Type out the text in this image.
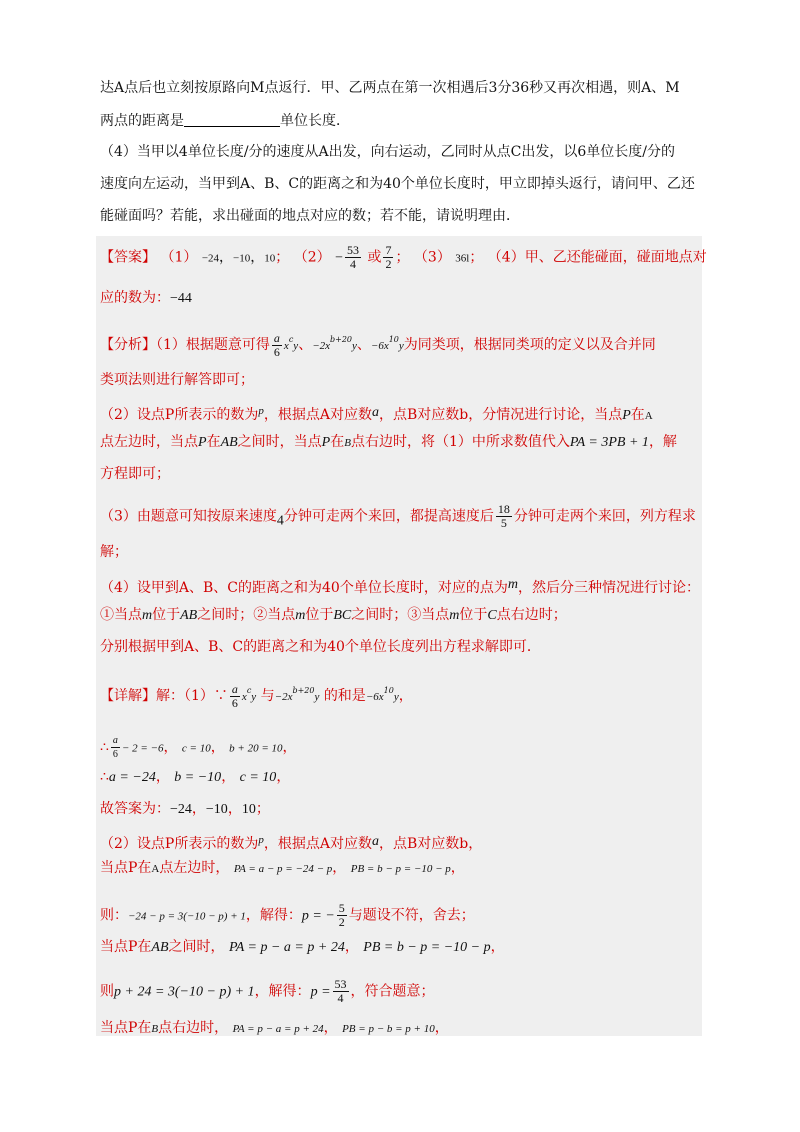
达A点后也立刻按原路向M点返行．甲、乙两点在第一次相遇后3分36秒又再次相遇，则A、M
两点的距离是	单位长度．
（4）当甲以4单位长度/分的速度从A出发，向右运动，乙同时从点C出发，以6单位长度/分的
速度向左运动，当甲到A、B、C的距离之和为40个单位长度时，甲立即掉头返行，请问甲、乙还
能碰面吗？若能，求出碰面的地点对应的数；若不能，请说明理由．
【答案】 （1） −24，−10，10； $(2) - \frac{53}{4}$ 或 $\frac{7}{2}$ ； （3） 36l； （4）甲、乙还能碰面，碰面地点对
应的数为：−44
【分析】（1）根据题意可得 $\frac{a}{6} x^cy$、$-2x^{b+20}y$、$-6x^{10}y$为同类项，根据同类项的定义以及合并同
类项法则进行解答即可；
（2）设点P所表示的数为$^p$，根据点A对应数a，点B对应数b，分情况进行讨论，当点P在A
点左边时，当点P在AB之间时，当点P在B点右边时，将（1）中所求数值代入PA = 3PB + 1，解
方程即可；
（3）由题意可知按原来速度4分钟可走两个来回，都提高速度后 $\frac{18}{5}$ 分钟可走两个来回，列方程求
解；
（4）设甲到A、B、C的距离之和为40个单位长度时，对应的点为m，然后分三种情况进行讨论：
①当点m位于AB之间时；②当点m位于BC之间时；③当点m位于C点右边时；
分别根据甲到A、B、C的距离之和为40个单位长度列出方程求解即可．
【详解】解：（1）∵ $\frac{a}{6} x^cy$ 与$-2x^{b+20}y$ 的和是$-6x^{10}y$，
∴ $\frac{a}{6} - 2 = -6$， c = 10， b + 20 = 10，
∴a = −24， b = −10， c = 10，
故答案为：−24，−10，10；
（2）设点P所表示的数为$^p$，根据点A对应数a，点B对应数b，
当点P在A点左边时， PA = a − p = −24 − p， PB = b − p = −10 − p，
则：−24 − p = 3(−10 − p) + 1，解得：p = − $\frac{5}{2}$ 与题设不符，舍去；
当点P在AB之间时， PA = p − a = p + 24， PB = b − p = −10 − p，
则p + 24 = 3(−10 − p) + 1，解得：$p = \frac{53}{4}$ ，符合题意；
当点P在B点右边时， PA = p − a = p + 24， PB = p − b = p + 10，
